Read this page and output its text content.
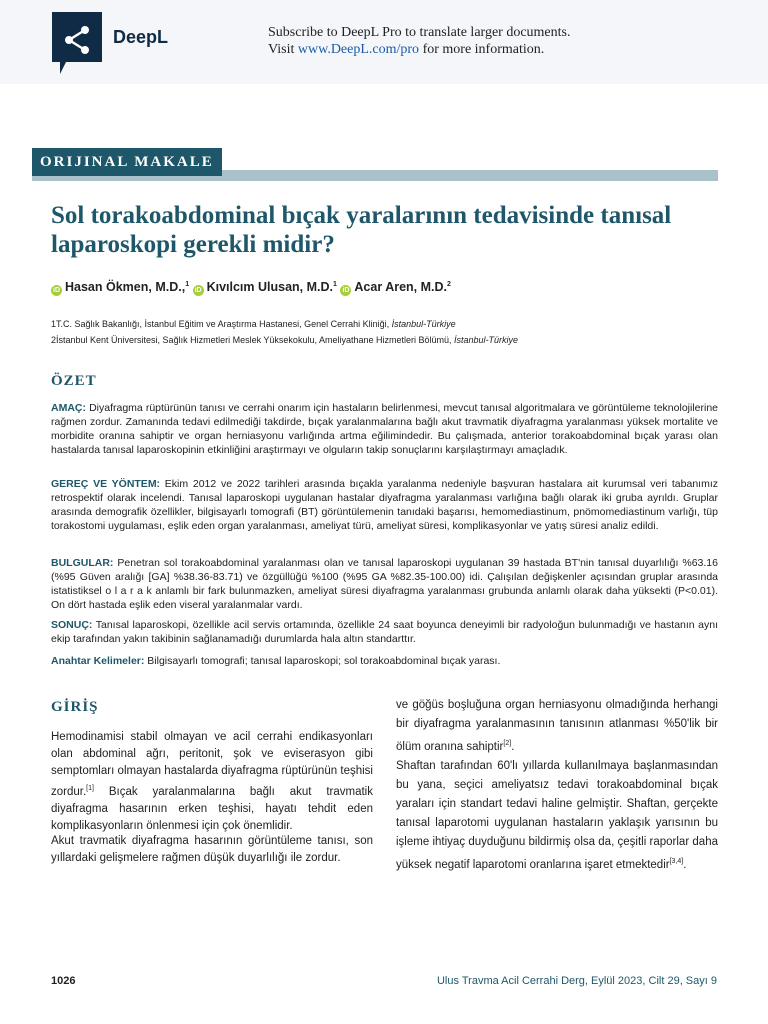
DeepL	Subscribe to DeepL Pro to translate larger documents.
Visit www.DeepL.com/pro for more information.
ORIJINAL MAKALE
Sol torakoabdominal bıçak yaralarının tedavisinde tanısal laparoskopi gerekli midir?
iD Hasan Ökmen, M.D.,$^1$ iD Kıvılcım Ulusan, M.D.$^1$ iD Acar Aren, M.D.$^2$
1T.C. Sağlık Bakanlığı, İstanbul Eğitim ve Araştırma Hastanesi, Genel Cerrahi Kliniği, İstanbul-Türkiye
2İstanbul Kent Üniversitesi, Sağlık Hizmetleri Meslek Yüksekokulu, Ameliyathane Hizmetleri Bölümü, İstanbul-Türkiye
ÖZET

AMAÇ: Diyafragma rüptürünün tanısı ve cerrahi onarım için hastaların belirlenmesi, mevcut tanısal algoritmalara ve görüntüleme teknolojilerine rağmen zordur. Zamanında tedavi edilmediği takdirde, bıçak yaralanmalarına bağlı akut travmatik diyafragma yaralanması yüksek mortalite ve morbidite oranına sahiptir ve organ herniasyonu varlığında artma eğilimindedir. Bu çalışmada, anterior torakoabdominal bıçak yarası olan hastalarda tanısal laparoskopinin etkinliğini araştırmayı ve olguların takip sonuçlarını karşılaştırmayı amaçladık.

GEREÇ VE YÖNTEM: Ekim 2012 ve 2022 tarihleri arasında bıçakla yaralanma nedeniyle başvuran hastalara ait kurumsal veri tabanımız retrospektif olarak incelendi. Tanısal laparoskopi uygulanan hastalar diyafragma yaralanması varlığına bağlı olarak iki gruba ayrıldı. Gruplar arasında demografik özellikler, bilgisayarlı tomografi (BT) görüntülemenin tanıdaki başarısı, hemomediastinum, pnömomediastinum varlığı, tüp torakostomi uygulaması, eşlik eden organ yaralanması, ameliyat türü, ameliyat süresi, komplikasyonlar ve yatış süresi analiz edildi.

BULGULAR: Penetran sol torakoabdominal yaralanması olan ve tanısal laparoskopi uygulanan 39 hastada BT'nin tanısal duyarlılığı %63.16 (%95 Güven aralığı [GA] %38.36-83.71) ve özgüllüğü %100 (%95 GA %82.35-100.00) idi. Çalışılan değişkenler açısından gruplar arasında istatistiksel o l a r a k anlamlı bir fark bulunmazken, ameliyat süresi diyafragma yaralanması grubunda anlamlı olarak daha yüksekti (P<0.01). On dört hastada eşlik eden viseral yaralanmalar vardı.

SONUÇ: Tanısal laparoskopi, özellikle acil servis ortamında, özellikle 24 saat boyunca deneyimli bir radyoloğun bulunmadığı ve hastanın aynı ekip tarafından yakın takibinin sağlanamadığı durumlarda hala altın standarttır.

Anahtar Kelimeler: Bilgisayarlı tomografi; tanısal laparoskopi; sol torakoabdominal bıçak yarası.

GİRİŞ

Hemodinamisi stabil olmayan ve acil cerrahi endikasyonları olan abdominal ağrı, peritonit, şok ve eviserasyon gibi semptomları olmayan hastalarda diyafragma rüptürünün teşhisi zordur.[1] Bıçak yaralanmalarına bağlı akut travmatik diyafragma hasarının erken teşhisi, hayatı tehdit eden komplikasyonların önlenmesi için çok önemlidir.

Akut travmatik diyafragma hasarının görüntüleme tanısı, son yıllardaki gelişmelere rağmen düşük duyarlılığı ile zordur.

ve göğüs boşluğuna organ herniasyonu olmadığında herhangi bir diyafragma yaralanmasının tanısının atlanması %50'lik bir ölüm oranına sahiptir[2].

Shaftan tarafından 60'lı yıllarda kullanılmaya başlanmasından bu yana, seçici ameliyatsız tedavi torakoabdominal bıçak yaraları için standart tedavi haline gelmiştir. Shaftan, gerçekte tanısal laparotomi uygulanan hastaların yaklaşık yarısının bu işleme ihtiyaç duyduğunu bildirmiş olsa da, çeşitli raporlar daha yüksek negatif laparotomi oranlarına işaret etmektedir[3,4].

1026	Ulus Travma Acil Cerrahi Derg, Eylül 2023, Cilt 29, Sayı 9
